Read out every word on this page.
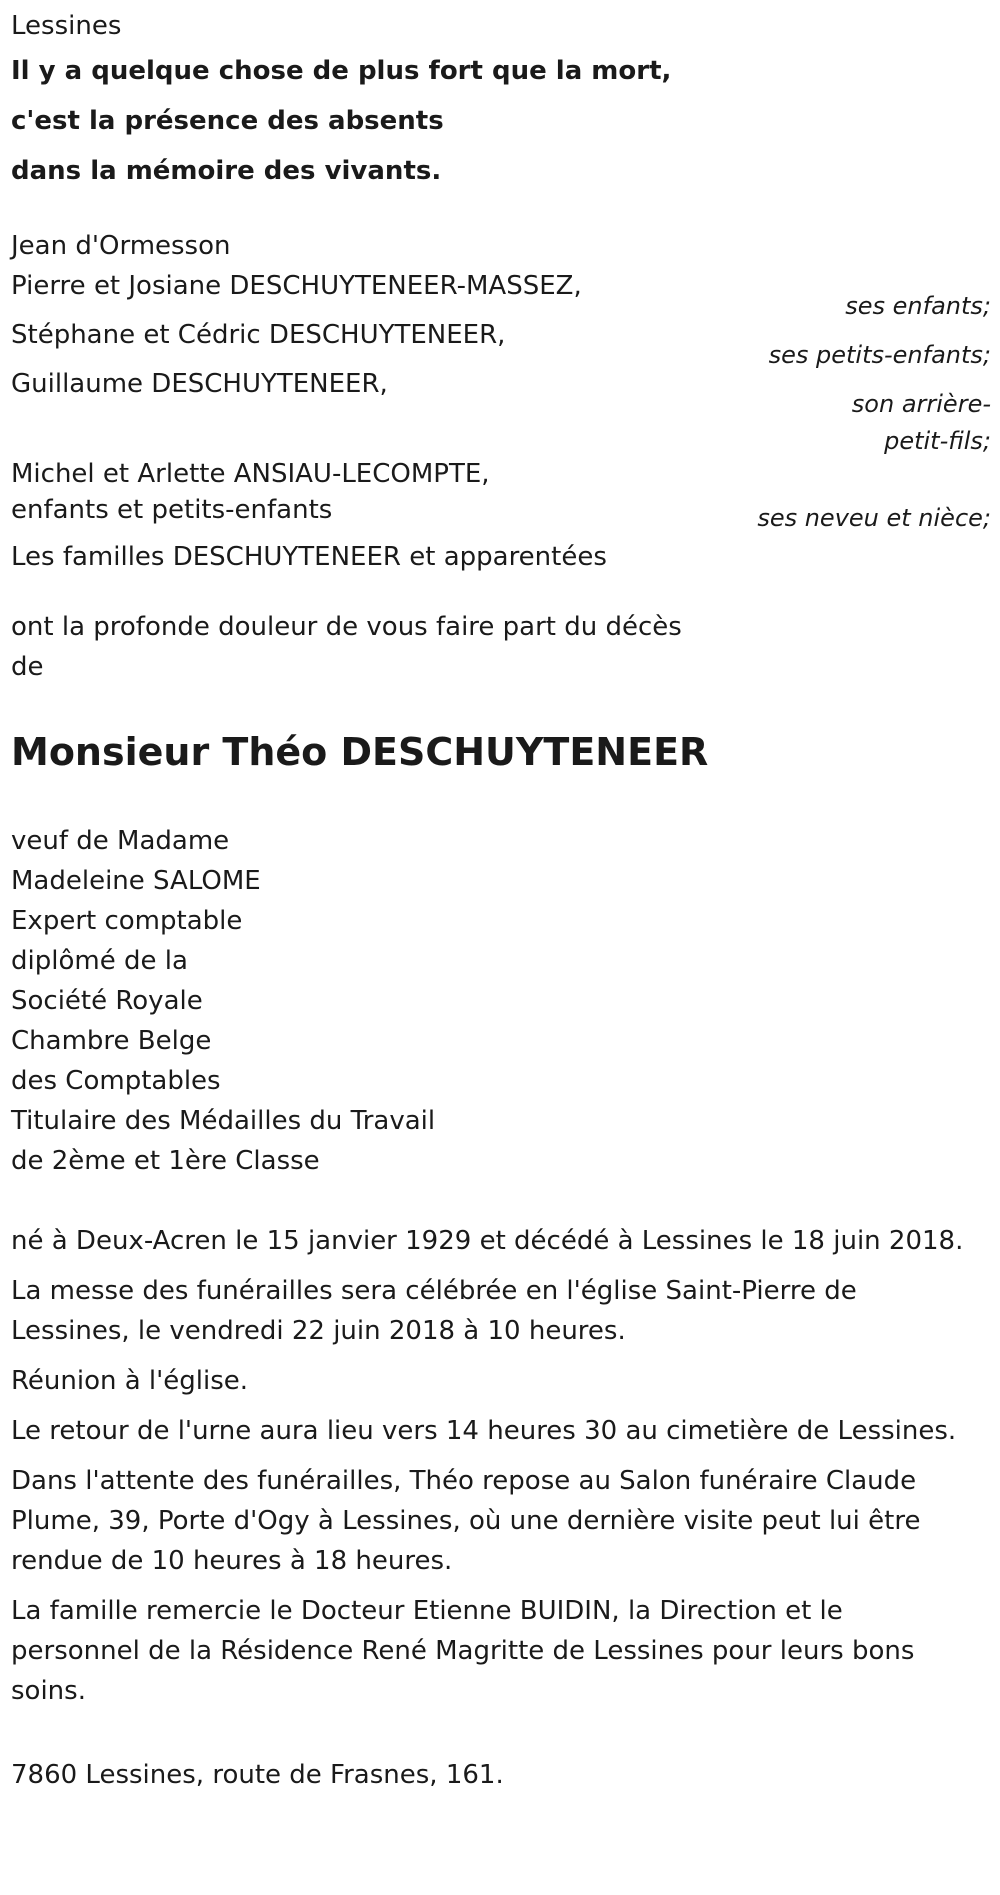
Lessines

Il y a quelque chose de plus fort que la mort,

c'est la présence des absents

dans la mémoire des vivants.

Jean d'Ormesson

Pierre et Josiane DESCHUYTENEER-MASSEZ,

ses enfants;

Stéphane et Cédric DESCHUYTENEER,

ses petits-enfants;

Guillaume DESCHUYTENEER,

son arrière-

petit-fils;

Michel et Arlette ANSIAU-LECOMPTE,

enfants et petits-enfants	ses neveu et nièce;

Les familles DESCHUYTENEER et apparentées

ont la profonde douleur de vous faire part du décès

de

Monsieur Théo DESCHUYTENEER

veuf de Madame

Madeleine SALOME

Expert comptable

diplômé de la

Société Royale

Chambre Belge

des Comptables

Titulaire des Médailles du Travail

de 2ème et 1ère Classe

né à Deux-Acren le 15 janvier 1929 et décédé à Lessines le 18 juin 2018.

La messe des funérailles sera célébrée en l'église Saint-Pierre de

Lessines, le vendredi 22 juin 2018 à 10 heures.

Réunion à l'église.

Le retour de l'urne aura lieu vers 14 heures 30 au cimetière de Lessines.

Dans l'attente des funérailles, Théo repose au Salon funéraire Claude

Plume, 39, Porte d'Ogy à Lessines, où une dernière visite peut lui être

rendue de 10 heures à 18 heures.

La famille remercie le Docteur Etienne BUIDIN, la Direction et le

personnel de la Résidence René Magritte de Lessines pour leurs bons

soins.

7860 Lessines, route de Frasnes, 161.
